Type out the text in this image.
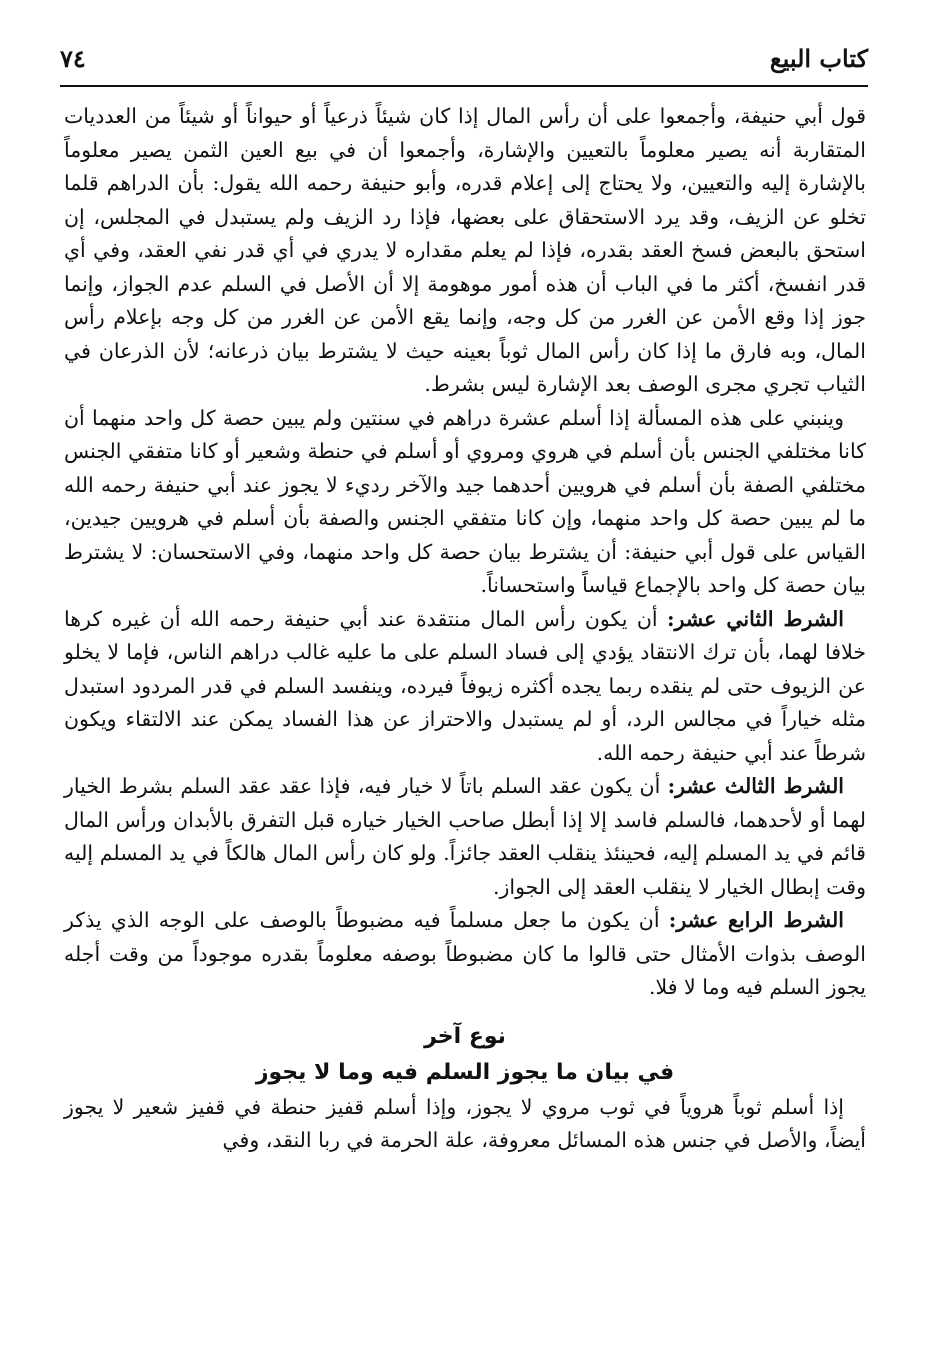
كتاب البيع
٧٤

قول أبي حنيفة، وأجمعوا على أن رأس المال إذا كان شيئاً ذرعياً أو حيواناً أو شيئاً من العدديات المتقاربة أنه يصير معلوماً بالتعيين والإشارة، وأجمعوا أن في بيع العين الثمن يصير معلوماً بالإشارة إليه والتعيين، ولا يحتاج إلى إعلام قدره، وأبو حنيفة رحمه الله يقول: بأن الدراهم قلما تخلو عن الزيف، وقد يرد الاستحقاق على بعضها، فإذا رد الزيف ولم يستبدل في المجلس، إن استحق بالبعض فسخ العقد بقدره، فإذا لم يعلم مقداره لا يدري في أي قدر نفي العقد، وفي أي قدر انفسخ، أكثر ما في الباب أن هذه أمور موهومة إلا أن الأصل في السلم عدم الجواز، وإنما جوز إذا وقع الأمن عن الغرر من كل وجه، وإنما يقع الأمن عن الغرر من كل وجه بإعلام رأس المال، وبه فارق ما إذا كان رأس المال ثوباً بعينه حيث لا يشترط بيان ذرعانه؛ لأن الذرعان في الثياب تجري مجرى الوصف بعد الإشارة ليس بشرط.

وينبني على هذه المسألة إذا أسلم عشرة دراهم في سنتين ولم يبين حصة كل واحد منهما أن كانا مختلفي الجنس بأن أسلم في هروي ومروي أو أسلم في حنطة وشعير أو كانا متفقي الجنس مختلفي الصفة بأن أسلم في هرويين أحدهما جيد والآخر رديء لا يجوز عند أبي حنيفة رحمه الله ما لم يبين حصة كل واحد منهما، وإن كانا متفقي الجنس والصفة بأن أسلم في هرويين جيدين، القياس على قول أبي حنيفة: أن يشترط بيان حصة كل واحد منهما، وفي الاستحسان: لا يشترط بيان حصة كل واحد بالإجماع قياساً واستحساناً.

الشرط الثاني عشر: أن يكون رأس المال منتقدة عند أبي حنيفة رحمه الله أن غيره كرها خلافا لهما، بأن ترك الانتقاد يؤدي إلى فساد السلم على ما عليه غالب دراهم الناس، فإما لا يخلو عن الزيوف حتى لم ينقده ربما يجده أكثره زيوفاً فيرده، وينفسد السلم في قدر المردود استبدل مثله خياراً في مجالس الرد، أو لم يستبدل والاحتراز عن هذا الفساد يمكن عند الالتقاء ويكون شرطاً عند أبي حنيفة رحمه الله.

الشرط الثالث عشر: أن يكون عقد السلم باتاً لا خيار فيه، فإذا عقد عقد السلم بشرط الخيار لهما أو لأحدهما، فالسلم فاسد إلا إذا أبطل صاحب الخيار خياره قبل التفرق بالأبدان ورأس المال قائم في يد المسلم إليه، فحينئذ ينقلب العقد جائزاً. ولو كان رأس المال هالكاً في يد المسلم إليه وقت إبطال الخيار لا ينقلب العقد إلى الجواز.

الشرط الرابع عشر: أن يكون ما جعل مسلماً فيه مضبوطاً بالوصف على الوجه الذي يذكر الوصف بذوات الأمثال حتى قالوا ما كان مضبوطاً بوصفه معلوماً بقدره موجوداً من وقت أجله يجوز السلم فيه وما لا فلا.

نوع آخر
في بيان ما يجوز السلم فيه وما لا يجوز

إذا أسلم ثوباً هروياً في ثوب مروي لا يجوز، وإذا أسلم قفيز حنطة في قفيز شعير لا يجوز أيضاً، والأصل في جنس هذه المسائل معروفة، علة الحرمة في ربا النقد، وفي
